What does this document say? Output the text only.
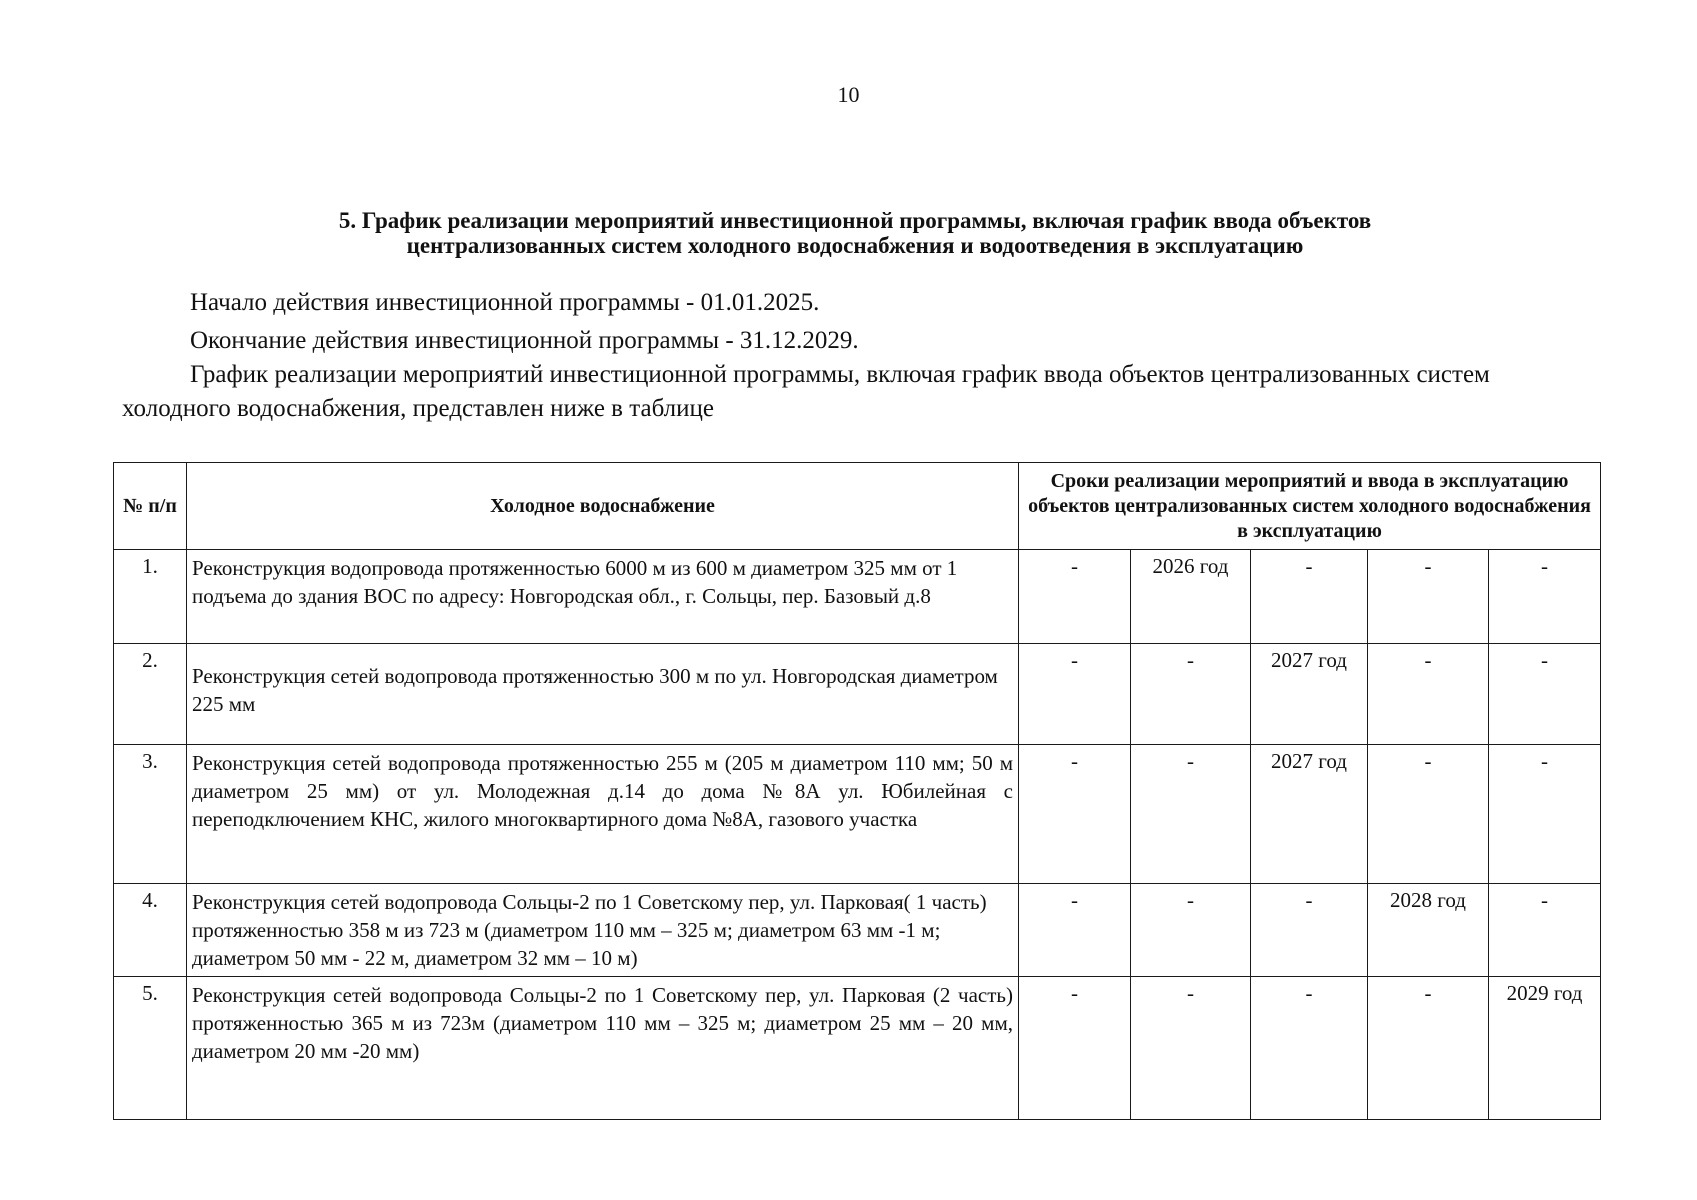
10
5. График реализации мероприятий инвестиционной программы, включая график ввода объектов
централизованных систем холодного водоснабжения и водоотведения в эксплуатацию

Начало действия инвестиционной программы - 01.01.2025.

Окончание действия инвестиционной программы - 31.12.2029.

График реализации мероприятий инвестиционной программы, включая график ввода объектов централизованных систем холодного водоснабжения, представлен ниже в таблице

№ п/п	Холодное водоснабжение	Сроки реализации мероприятий и ввода в эксплуатацию объектов централизованных систем холодного водоснабжения в эксплуатацию				
1.	Реконструкция водопровода протяженностью 6000 м из 600 м диаметром 325 мм от 1 подъема до здания ВОС по адресу: Новгородская обл., г. Сольцы, пер. Базовый д.8	-	2026 год	-	-	-
2.	Реконструкция сетей водопровода протяженностью 300 м по ул. Новгородская диаметром 225 мм	-	-	2027 год	-	-
3.	Реконструкция сетей водопровода протяженностью 255 м (205 м диаметром 110 мм; 50 м диаметром 25 мм) от ул. Молодежная д.14 до дома №8А ул. Юбилейная с переподключением КНС, жилого многоквартирного дома №8А, газового участка	-	-	2027 год	-	-
4.	Реконструкция сетей водопровода Сольцы-2 по 1 Советскому пер, ул. Парковая( 1 часть) протяженностью 358 м из 723 м (диаметром 110 мм – 325 м; диаметром 63 мм -1 м; диаметром 50 мм - 22 м, диаметром 32 мм – 10 м)	-	-	-	2028 год	-
5.	Реконструкция сетей водопровода Сольцы-2 по 1 Советскому пер, ул. Парковая (2 часть) протяженностью 365 м из 723м (диаметром 110 мм – 325 м; диаметром 25 мм – 20 мм, диаметром 20 мм -20 мм)	-	-	-	-	2029 год
